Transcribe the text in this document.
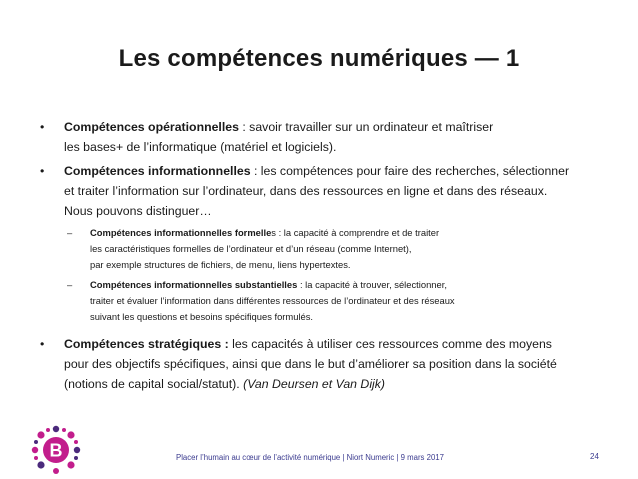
Les compétences numériques — 1
• Compétences opérationnelles : savoir travailler sur un ordinateur et maîtriser
les bases+ de l’informatique (matériel et logiciels).
• Compétences informationnelles : les compétences pour faire des recherches, sélectionner
et traiter l’information sur l’ordinateur, dans des ressources en ligne et dans des réseaux.
Nous pouvons distinguer…
– Compétences informationnelles formelles : la capacité à comprendre et de traiter
les caractéristiques formelles de l’ordinateur et d’un réseau (comme Internet),
par exemple structures de fichiers, de menu, liens hypertextes.
– Compétences informationnelles substantielles : la capacité à trouver, sélectionner,
traiter et évaluer l’information dans différentes ressources de l’ordinateur et des réseaux
suivant les questions et besoins spécifiques formulés.
• Compétences stratégiques : les capacités à utiliser ces ressources comme des moyens
pour des objectifs spécifiques, ainsi que dans le but d’améliorer sa position dans la société
(notions de capital social/statut). (Van Deursen et Van Dijk)
B	Placer l’humain au cœur de l’activité numérique | Niort Numeric | 9 mars 2017	24
